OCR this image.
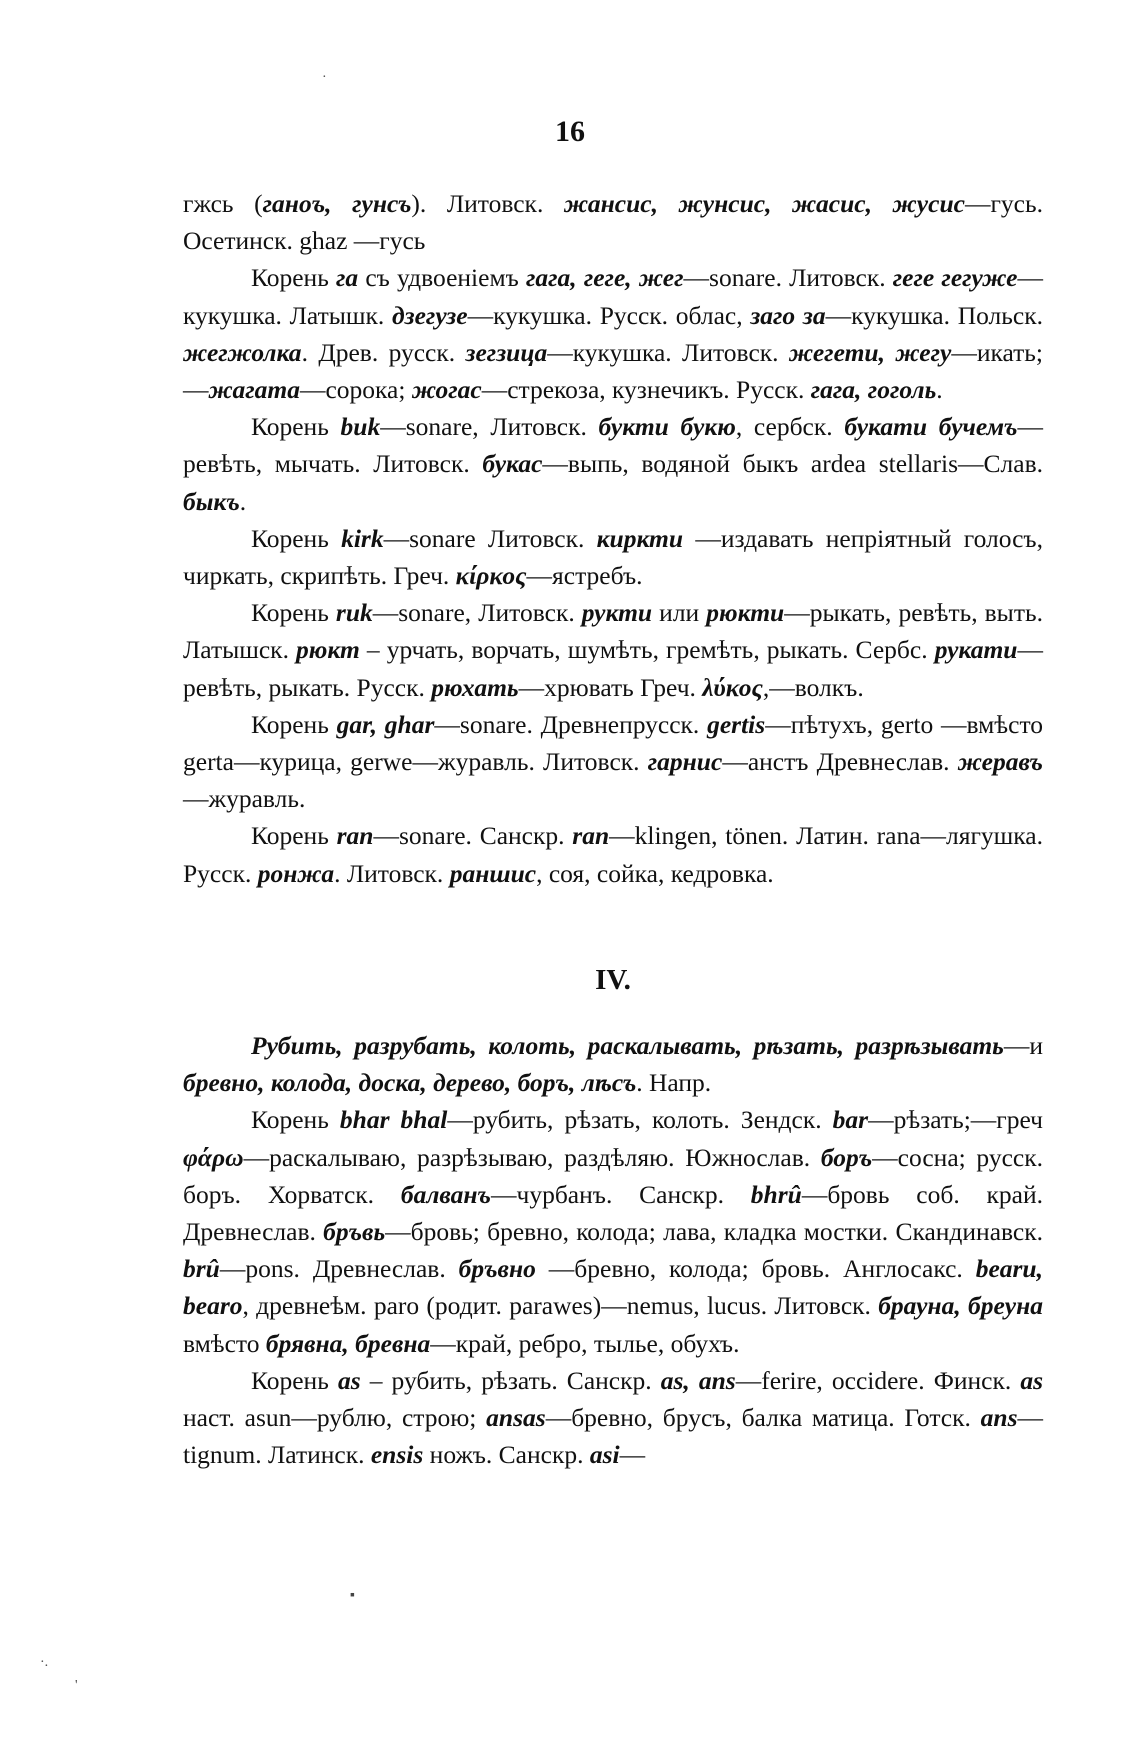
16

гжсь (ганоъ, гунсъ). Литовск. жансис, жунсис, жасис, жусис—гусь. Осетинск. ghaz —гусь

Корень га съ удвоеніемъ гага, геге, жег—sonare. Литовск. геге гегуже—кукушка. Латышк. дзегузе—кукушка. Русск. облас, заго за—кукушка. Польск. жегжолка. Древ. русск. зегзица—кукушка. Литовск. жегети, жегу—икать;—жагата—сорока; жогас—стрекоза, кузнечикъ. Русск. гага, гоголь.

Корень buk—sonare, Литовск. букти букю, сербск. букати бучемъ—ревѣть, мычать. Литовск. букас—выпь, водяной быкъ ardea stellaris—Слав. быкъ.

Корень kirk—sonare Литовск. киркти —издавать непріятный голосъ, чиркать, скрипѣть. Греч. κίρκος—ястребъ.

Корень ruk—sonare, Литовск. рукти или рюкти—рыкать, ревѣть, выть. Латышск. рюкт – урчать, ворчать, шумѣть, гремѣть, рыкать. Сербс. рукати—ревѣть, рыкать. Русск. рюхать—хрювать Греч. λύκος,—волкъ.

Корень gar, ghar—sonare. Древнепрусск. gertis—пѣтухъ, gerto —вмѣсто gerta—курица, gerwe—журавль. Литовск. гарнис—анстъ Древнеслав. жеравъ—журавль.

Корень ran—sonare. Санскр. ran—klingen, tönen. Латин. rana—лягушка. Русск. ронжа. Литовск. раншис, соя, сойка, кедровка.

IV.

Рубить, разрубать, колоть, раскалывать, рѣзать, разрѣзывать—и бревно, колода, доска, дерево, боръ, лѣсъ. Напр.

Корень bhar bhal—рубить, рѣзать, колоть. Зендск. bar—рѣзать;—греч φάρω—раскалываю, разрѣзываю, раздѣляю. Южнослав. боръ—сосна; русск. боръ. Хорватск. балванъ—чурбанъ. Санскр. bhrû—бровь соб. край. Древнеслав. бръвь—бровь; бревно, колода; лава, кладка мостки. Скандинавск. brû—pons. Древнеслав. бръвно —бревно, колода; бровь. Англосакс. bearu, bearo, древнеѣм. paro (родит. parawes)—nemus, lucus. Литовск. брауна, бреуна вмѣсто брявна, бревна—край, ребро, тылье, обухъ.

Корень as – рубить, рѣзать. Санскр. as, ans—ferire, occidere. Финск. as наст. asun—рублю, строю; ansas—бревно, брусъ, балка матица. Готск. ans—tignum. Латинск. ensis ножъ. Санскр. asi—

·
▪
·.
'
